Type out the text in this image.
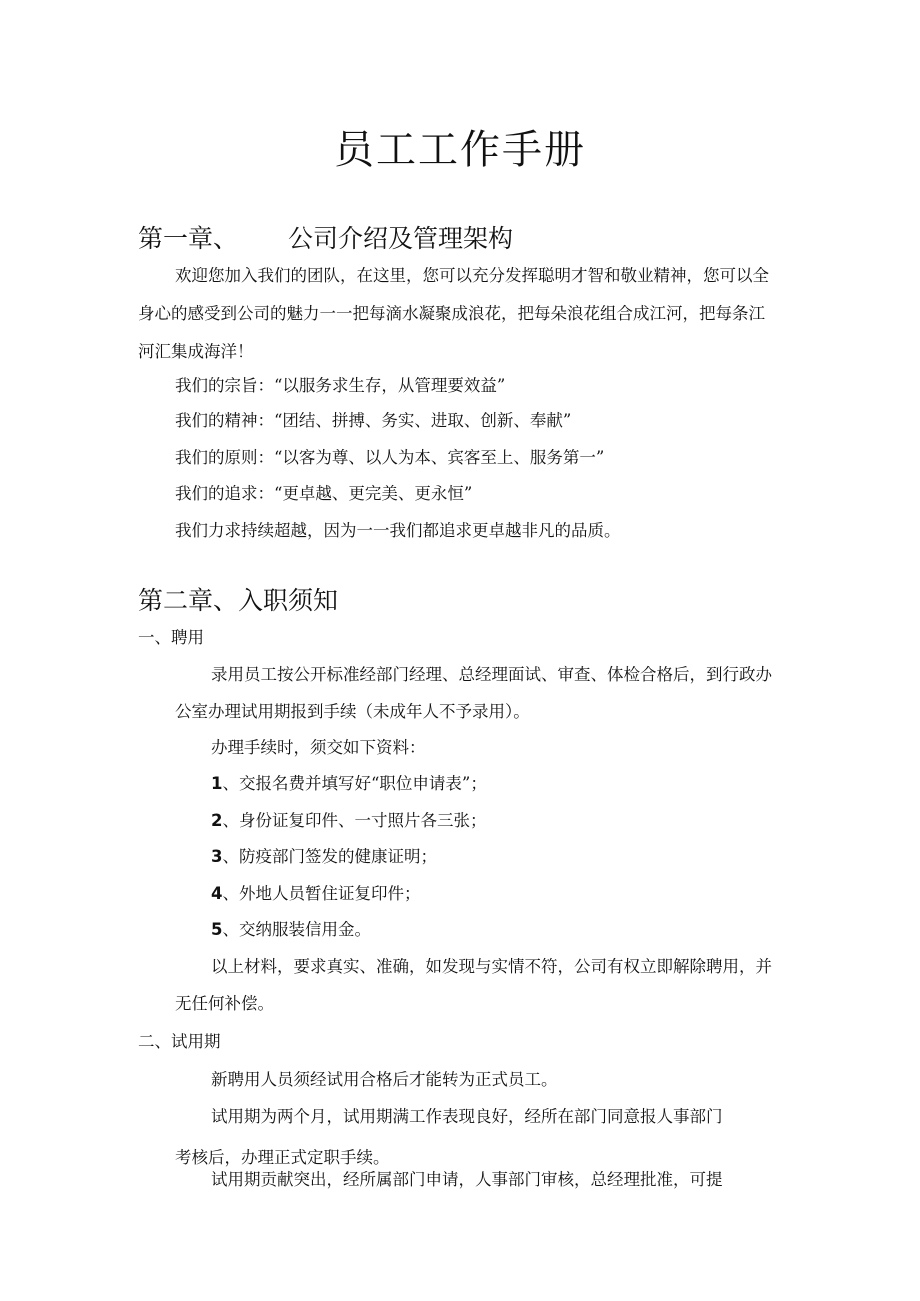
员工工作手册
第一章、 公司介绍及管理架构

欢迎您加入我们的团队，在这里，您可以充分发挥聪明才智和敬业精神，您可以全

身心的感受到公司的魅力一一把每滴水凝聚成浪花，把每朵浪花组合成江河，把每条江

河汇集成海洋！

我们的宗旨：“以服务求生存，从管理要效益”

我们的精神：“团结、拼搏、务实、进取、创新、奉献”

我们的原则：“以客为尊、以人为本、宾客至上、服务第一”

我们的追求：“更卓越、更完美、更永恒”

我们力求持续超越，因为一一我们都追求更卓越非凡的品质。

第二章、入职须知

一、聘用

录用员工按公开标准经部门经理、总经理面试、审查、体检合格后，到行政办

公室办理试用期报到手续（未成年人不予录用）。

办理手续时，须交如下资料：

1、交报名费并填写好“职位申请表”；

2、身份证复印件、一寸照片各三张；

3、防疫部门签发的健康证明；

4、外地人员暂住证复印件；

5、交纳服装信用金。

以上材料，要求真实、准确，如发现与实情不符，公司有权立即解除聘用，并

无任何补偿。

二、试用期

新聘用人员须经试用合格后才能转为正式员工。

试用期为两个月，试用期满工作表现良好，经所在部门同意报人事部门

考核后，办理正式定职手续。

试用期贡献突出，经所属部门申请，人事部门审核，总经理批准，可提
